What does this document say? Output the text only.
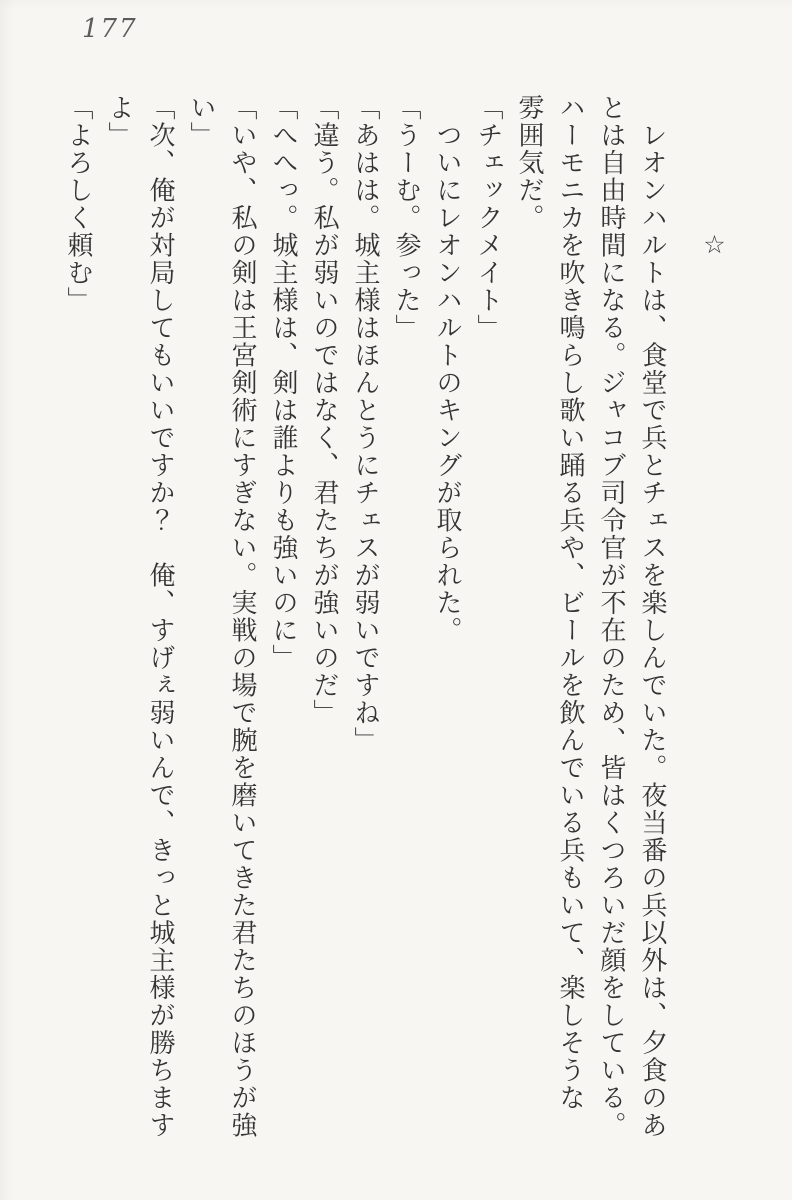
177
☆
　レオンハルトは、食堂で兵とチェスを楽しんでいた。夜当番の兵以外は、夕食のあ
とは自由時間になる。ジャコブ司令官が不在のため、皆はくつろいだ顔をしている。
ハーモニカを吹き鳴らし歌い踊る兵や、ビールを飲んでいる兵もいて、楽しそうな
雰囲気だ。
「チェックメイト」
　ついにレオンハルトのキングが取られた。
「うーむ。参った」
「あはは。城主様はほんとうにチェスが弱いですね」
「違う。私が弱いのではなく、君たちが強いのだ」
「へへっ。城主様は、剣は誰よりも強いのに」
「いや、私の剣は王宮剣術にすぎない。実戦の場で腕を磨いてきた君たちのほうが強
い」
「次、俺が対局してもいいですか？　俺、すげぇ弱いんで、きっと城主様が勝ちます
よ」
「よろしく頼む」
